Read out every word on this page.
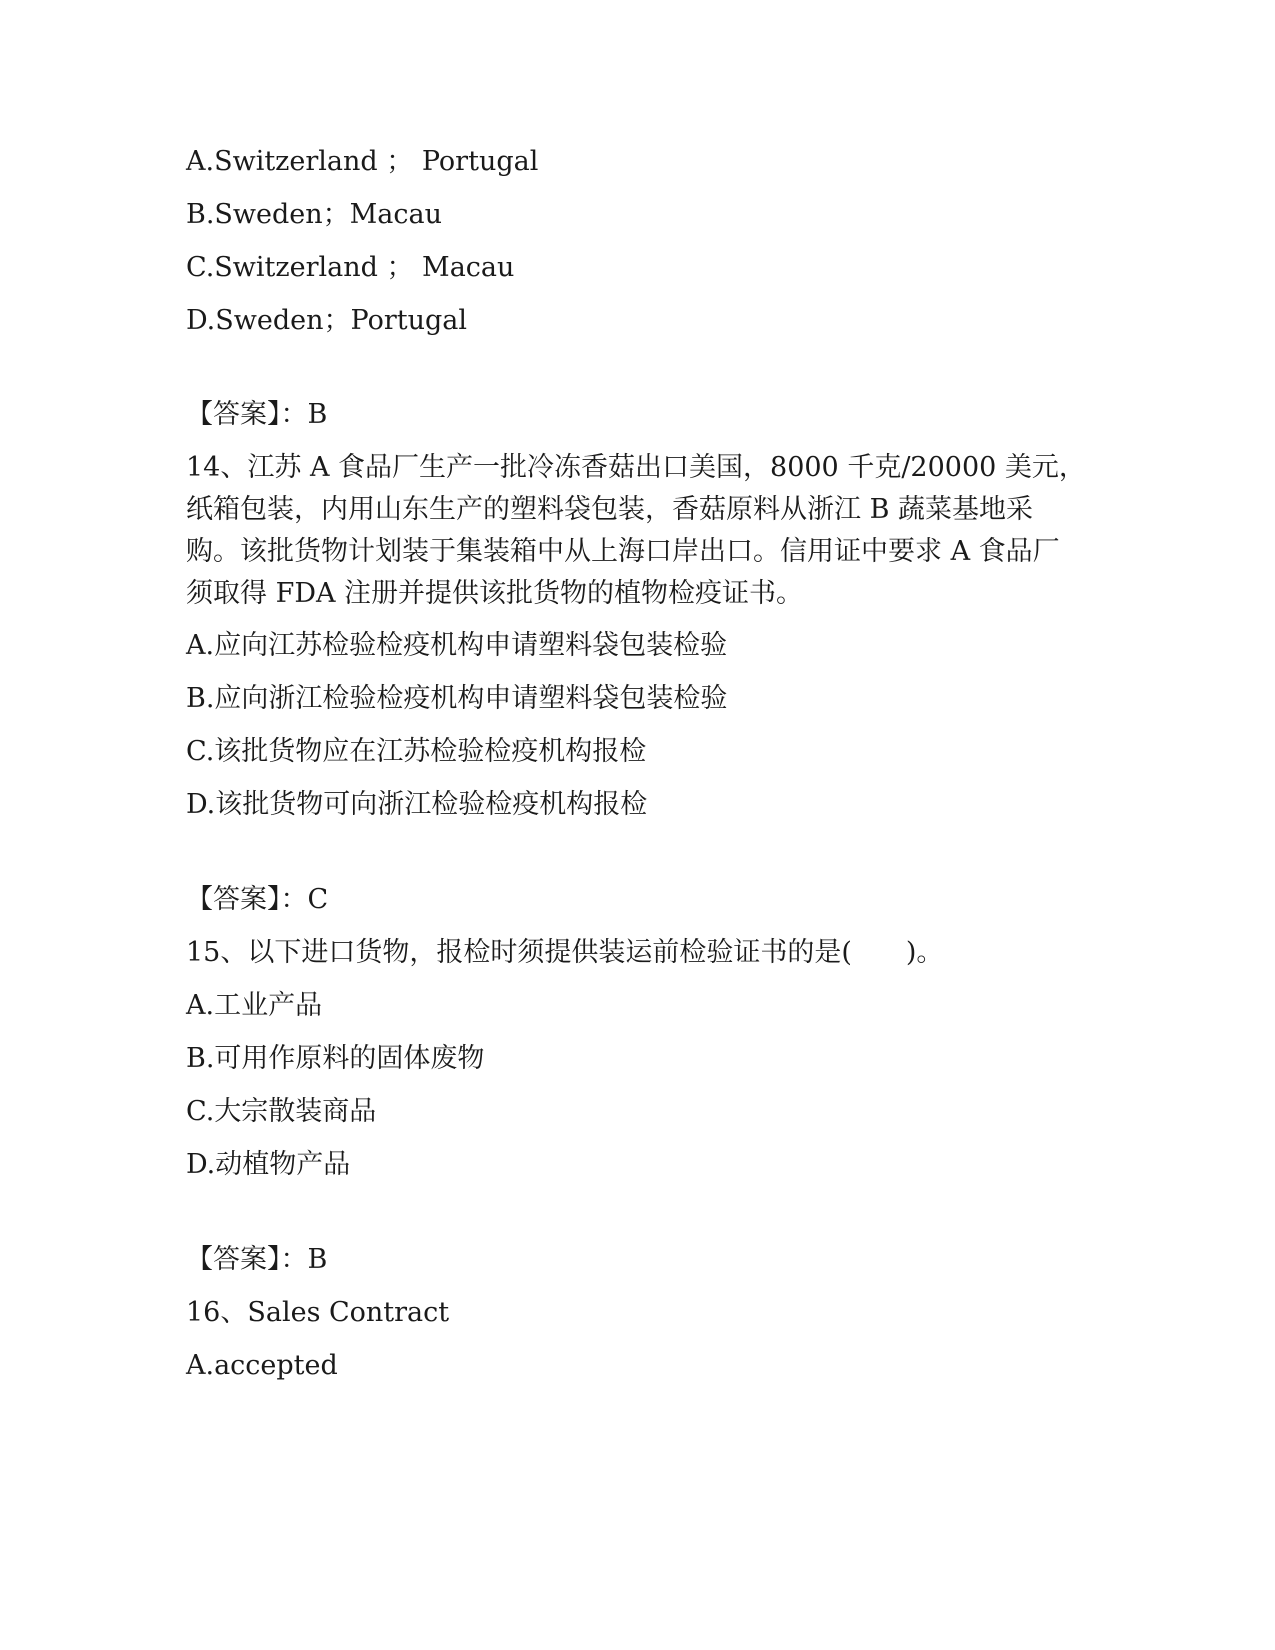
A.Switzerland ； Portugal
B.Sweden；Macau
C.Switzerland ； Macau
D.Sweden；Portugal
【答案】：B
14、江苏 A 食品厂生产一批冷冻香菇出口美国，8000 千克/20000 美元，纸箱包装，内用山东生产的塑料袋包装，香菇原料从浙江 B 蔬菜基地采购。该批货物计划装于集装箱中从上海口岸出口。信用证中要求 A 食品厂须取得 FDA 注册并提供该批货物的植物检疫证书。
A.应向江苏检验检疫机构申请塑料袋包装检验
B.应向浙江检验检疫机构申请塑料袋包装检验
C.该批货物应在江苏检验检疫机构报检
D.该批货物可向浙江检验检疫机构报检
【答案】：C
15、以下进口货物，报检时须提供装运前检验证书的是(　　)。
A.工业产品
B.可用作原料的固体废物
C.大宗散装商品
D.动植物产品
【答案】：B
16、Sales Contract
A.accepted
